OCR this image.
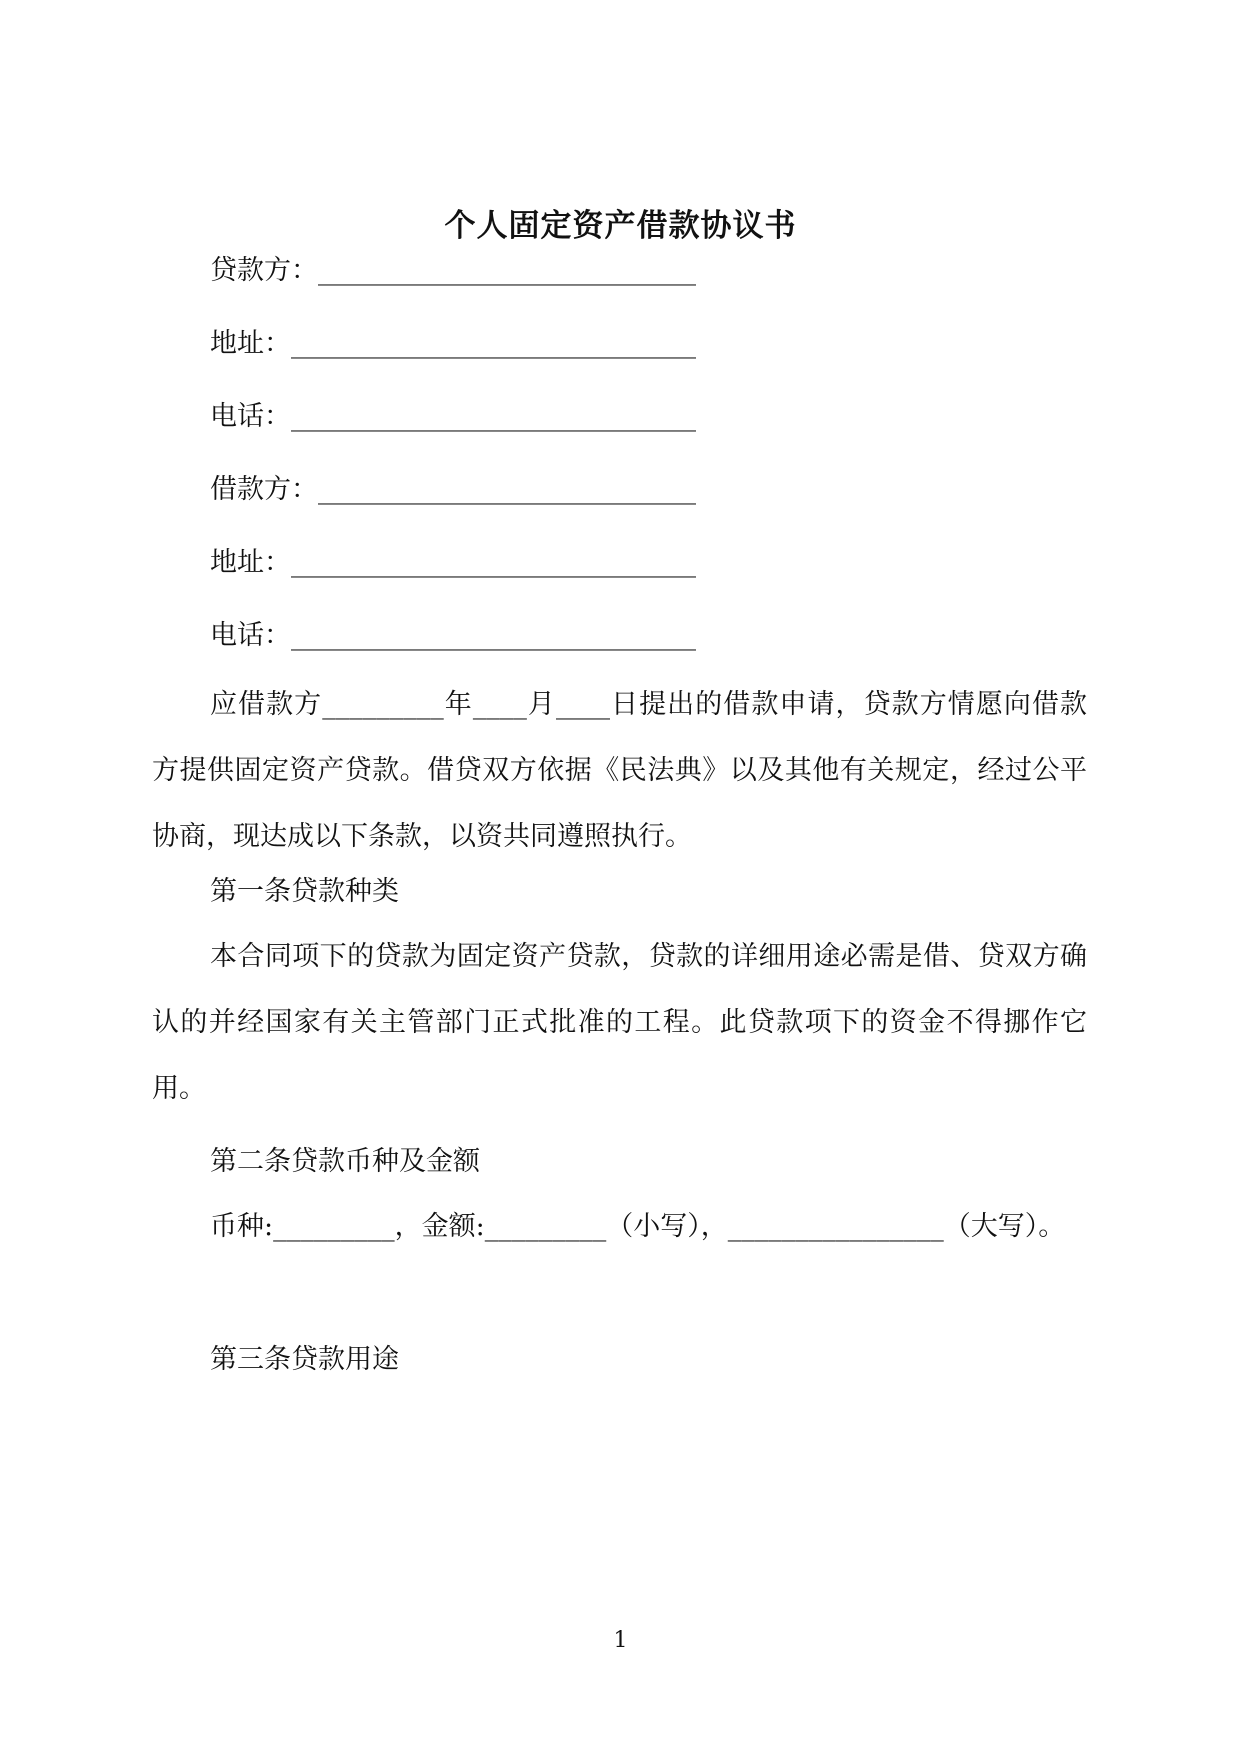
个人固定资产借款协议书
贷款方：____________________________
地址：______________________________
电话：______________________________
借款方：____________________________
地址：______________________________
电话：______________________________

应借款方_________年____月____日提出的借款申请，贷款方情愿向借款方提供固定资产贷款。借贷双方依据《民法典》以及其他有关规定，经过公平协商，现达成以下条款，以资共同遵照执行。

第一条贷款种类

本合同项下的贷款为固定资产贷款，贷款的详细用途必需是借、贷双方确认的并经国家有关主管部门正式批准的工程。此贷款项下的资金不得挪作它用。

第二条贷款币种及金额

币种:_________，金额:_________（小写），________________（大写）。

第三条贷款用途
1
